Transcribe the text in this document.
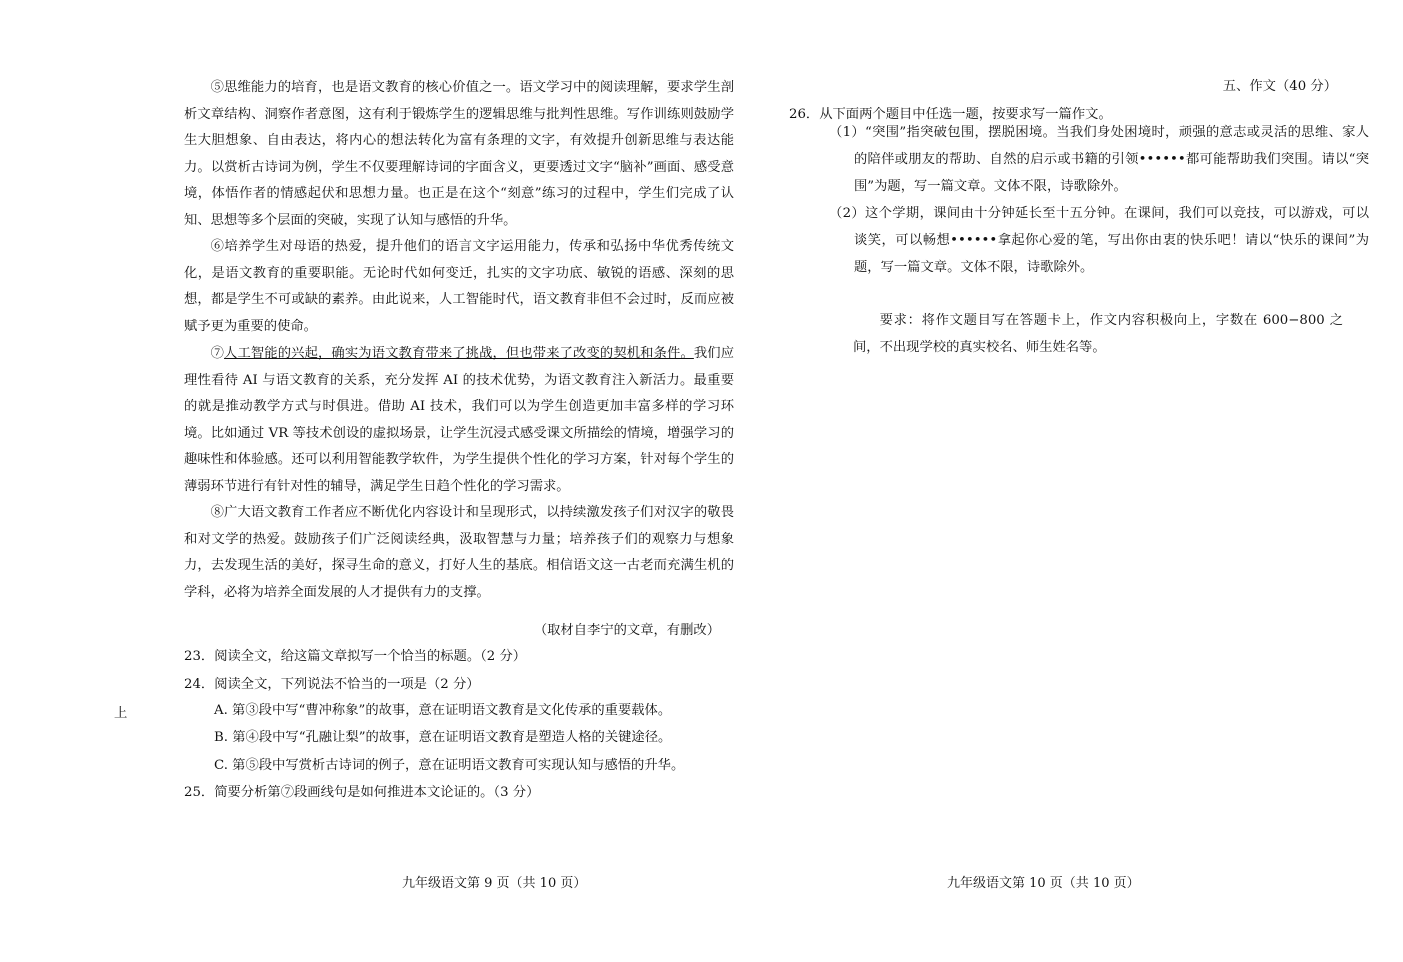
上

⑤思维能力的培育，也是语文教育的核心价值之一。语文学习中的阅读理解，要求学生剖析文章结构、洞察作者意图，这有利于锻炼学生的逻辑思维与批判性思维。写作训练则鼓励学生大胆想象、自由表达，将内心的想法转化为富有条理的文字，有效提升创新思维与表达能力。以赏析古诗词为例，学生不仅要理解诗词的字面含义，更要透过文字“脑补”画面、感受意境，体悟作者的情感起伏和思想力量。也正是在这个“刻意”练习的过程中，学生们完成了认知、思想等多个层面的突破，实现了认知与感悟的升华。

⑥培养学生对母语的热爱，提升他们的语言文字运用能力，传承和弘扬中华优秀传统文化，是语文教育的重要职能。无论时代如何变迁，扎实的文字功底、敏锐的语感、深刻的思想，都是学生不可或缺的素养。由此说来，人工智能时代，语文教育非但不会过时，反而应被赋予更为重要的使命。

⑦人工智能的兴起，确实为语文教育带来了挑战，但也带来了改变的契机和条件。我们应理性看待 AI 与语文教育的关系，充分发挥 AI 的技术优势，为语文教育注入新活力。最重要的就是推动教学方式与时俱进。借助 AI 技术，我们可以为学生创造更加丰富多样的学习环境。比如通过 VR 等技术创设的虚拟场景，让学生沉浸式感受课文所描绘的情境，增强学习的趣味性和体验感。还可以利用智能教学软件，为学生提供个性化的学习方案，针对每个学生的薄弱环节进行有针对性的辅导，满足学生日趋个性化的学习需求。

⑧广大语文教育工作者应不断优化内容设计和呈现形式，以持续激发孩子们对汉字的敬畏和对文学的热爱。鼓励孩子们广泛阅读经典，汲取智慧与力量；培养孩子们的观察力与想象力，去发现生活的美好，探寻生命的意义，打好人生的基底。相信语文这一古老而充满生机的学科，必将为培养全面发展的人才提供有力的支撑。

（取材自李宁的文章，有删改）
23．阅读全文，给这篇文章拟写一个恰当的标题。（2 分）
24．阅读全文，下列说法不恰当的一项是（2 分）
A. 第③段中写“曹冲称象”的故事，意在证明语文教育是文化传承的重要载体。
B. 第④段中写“孔融让梨”的故事，意在证明语文教育是塑造人格的关键途径。
C. 第⑤段中写赏析古诗词的例子，意在证明语文教育可实现认知与感悟的升华。
25．简要分析第⑦段画线句是如何推进本文论证的。（3 分）
九年级语文第 9 页（共 10 页）
五、作文（40 分）
26．从下面两个题目中任选一题，按要求写一篇作文。

（1）“突围”指突破包围，摆脱困境。当我们身处困境时，顽强的意志或灵活的思维、家人的陪伴或朋友的帮助、自然的启示或书籍的引领••••••都可能帮助我们突围。请以“突围”为题，写一篇文章。文体不限，诗歌除外。

（2）这个学期，课间由十分钟延长至十五分钟。在课间，我们可以竞技，可以游戏，可以谈笑，可以畅想••••••拿起你心爱的笔，写出你由衷的快乐吧！请以“快乐的课间”为题，写一篇文章。文体不限，诗歌除外。

要求：将作文题目写在答题卡上，作文内容积极向上，字数在 600−800 之间，不出现学校的真实校名、师生姓名等。

九年级语文第 10 页（共 10 页）
